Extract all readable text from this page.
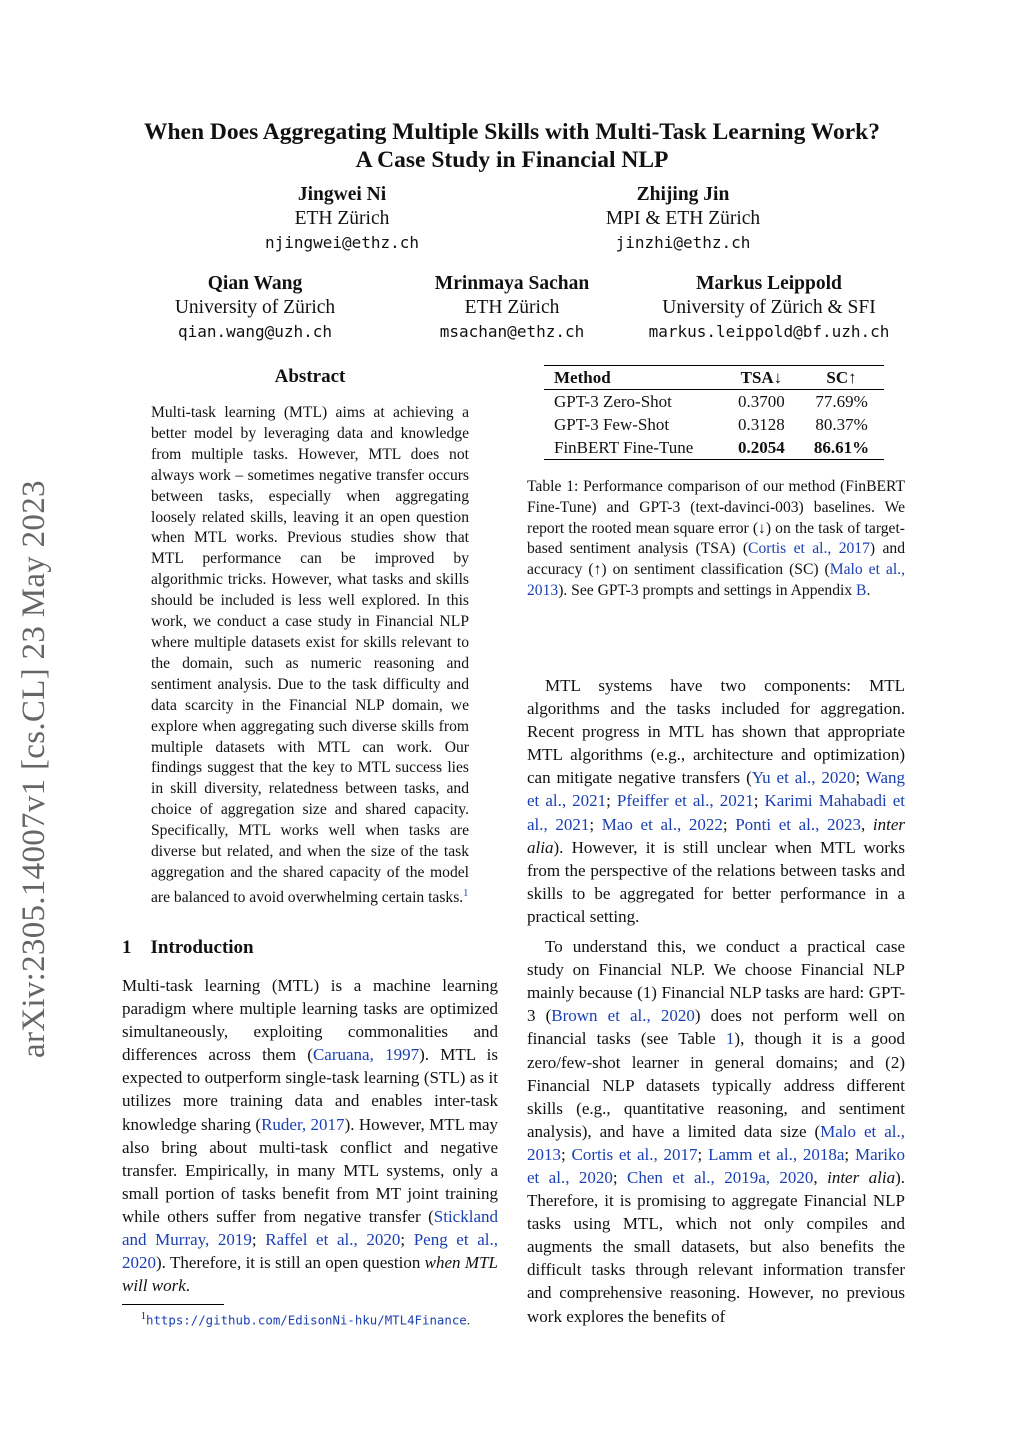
arXiv:2305.14007v1 [cs.CL] 23 May 2023
When Does Aggregating Multiple Skills with Multi-Task Learning Work?
A Case Study in Financial NLP
Jingwei Ni
ETH Zürich
njingwei@ethz.ch
Zhijing Jin
MPI & ETH Zürich
jinzhi@ethz.ch
Qian Wang
University of Zürich
qian.wang@uzh.ch
Mrinmaya Sachan
ETH Zürich
msachan@ethz.ch
Markus Leippold
University of Zürich & SFI
markus.leippold@bf.uzh.ch
Abstract

Multi-task learning (MTL) aims at achieving a better model by leveraging data and knowledge from multiple tasks. However, MTL does not always work – sometimes negative transfer occurs between tasks, especially when aggregating loosely related skills, leaving it an open question when MTL works. Previous studies show that MTL performance can be improved by algorithmic tricks. However, what tasks and skills should be included is less well explored. In this work, we conduct a case study in Financial NLP where multiple datasets exist for skills relevant to the domain, such as numeric reasoning and sentiment analysis. Due to the task difficulty and data scarcity in the Financial NLP domain, we explore when aggregating such diverse skills from multiple datasets with MTL can work. Our findings suggest that the key to MTL success lies in skill diversity, relatedness between tasks, and choice of aggregation size and shared capacity. Specifically, MTL works well when tasks are diverse but related, and when the size of the task aggregation and the shared capacity of the model are balanced to avoid overwhelming certain tasks.$^1$

1 Introduction

Multi-task learning (MTL) is a machine learning paradigm where multiple learning tasks are optimized simultaneously, exploiting commonalities and differences across them (Caruana, 1997). MTL is expected to outperform single-task learning (STL) as it utilizes more training data and enables inter-task knowledge sharing (Ruder, 2017). However, MTL may also bring about multi-task conflict and negative transfer. Empirically, in many MTL systems, only a small portion of tasks benefit from MT joint training while others suffer from negative transfer (Stickland and Murray, 2019; Raffel et al., 2020; Peng et al., 2020). Therefore, it is still an open question when MTL will work.

Method	TSA↓	SC↑
GPT-3 Zero-Shot	0.3700	77.69%
GPT-3 Few-Shot	0.3128	80.37%
FinBERT Fine-Tune	0.2054	86.61%
Table 1: Performance comparison of our method (FinBERT Fine-Tune) and GPT-3 (text-davinci-003) baselines. We report the rooted mean square error (↓) on the task of target-based sentiment analysis (TSA) (Cortis et al., 2017) and accuracy (↑) on sentiment classification (SC) (Malo et al., 2013). See GPT-3 prompts and settings in Appendix B.

MTL systems have two components: MTL algorithms and the tasks included for aggregation. Recent progress in MTL has shown that appropriate MTL algorithms (e.g., architecture and optimization) can mitigate negative transfers (Yu et al., 2020; Wang et al., 2021; Pfeiffer et al., 2021; Karimi Mahabadi et al., 2021; Mao et al., 2022; Ponti et al., 2023, inter alia). However, it is still unclear when MTL works from the perspective of the relations between tasks and skills to be aggregated for better performance in a practical setting.

To understand this, we conduct a practical case study on Financial NLP. We choose Financial NLP mainly because (1) Financial NLP tasks are hard: GPT-3 (Brown et al., 2020) does not perform well on financial tasks (see Table 1), though it is a good zero/few-shot learner in general domains; and (2) Financial NLP datasets typically address different skills (e.g., quantitative reasoning, and sentiment analysis), and have a limited data size (Malo et al., 2013; Cortis et al., 2017; Lamm et al., 2018a; Mariko et al., 2020; Chen et al., 2019a, 2020, inter alia). Therefore, it is promising to aggregate Financial NLP tasks using MTL, which not only compiles and augments the small datasets, but also benefits the difficult tasks through relevant information transfer and comprehensive reasoning. However, no previous work explores the benefits of

$^1$https://github.com/EdisonNi-hku/MTL4Finance.
